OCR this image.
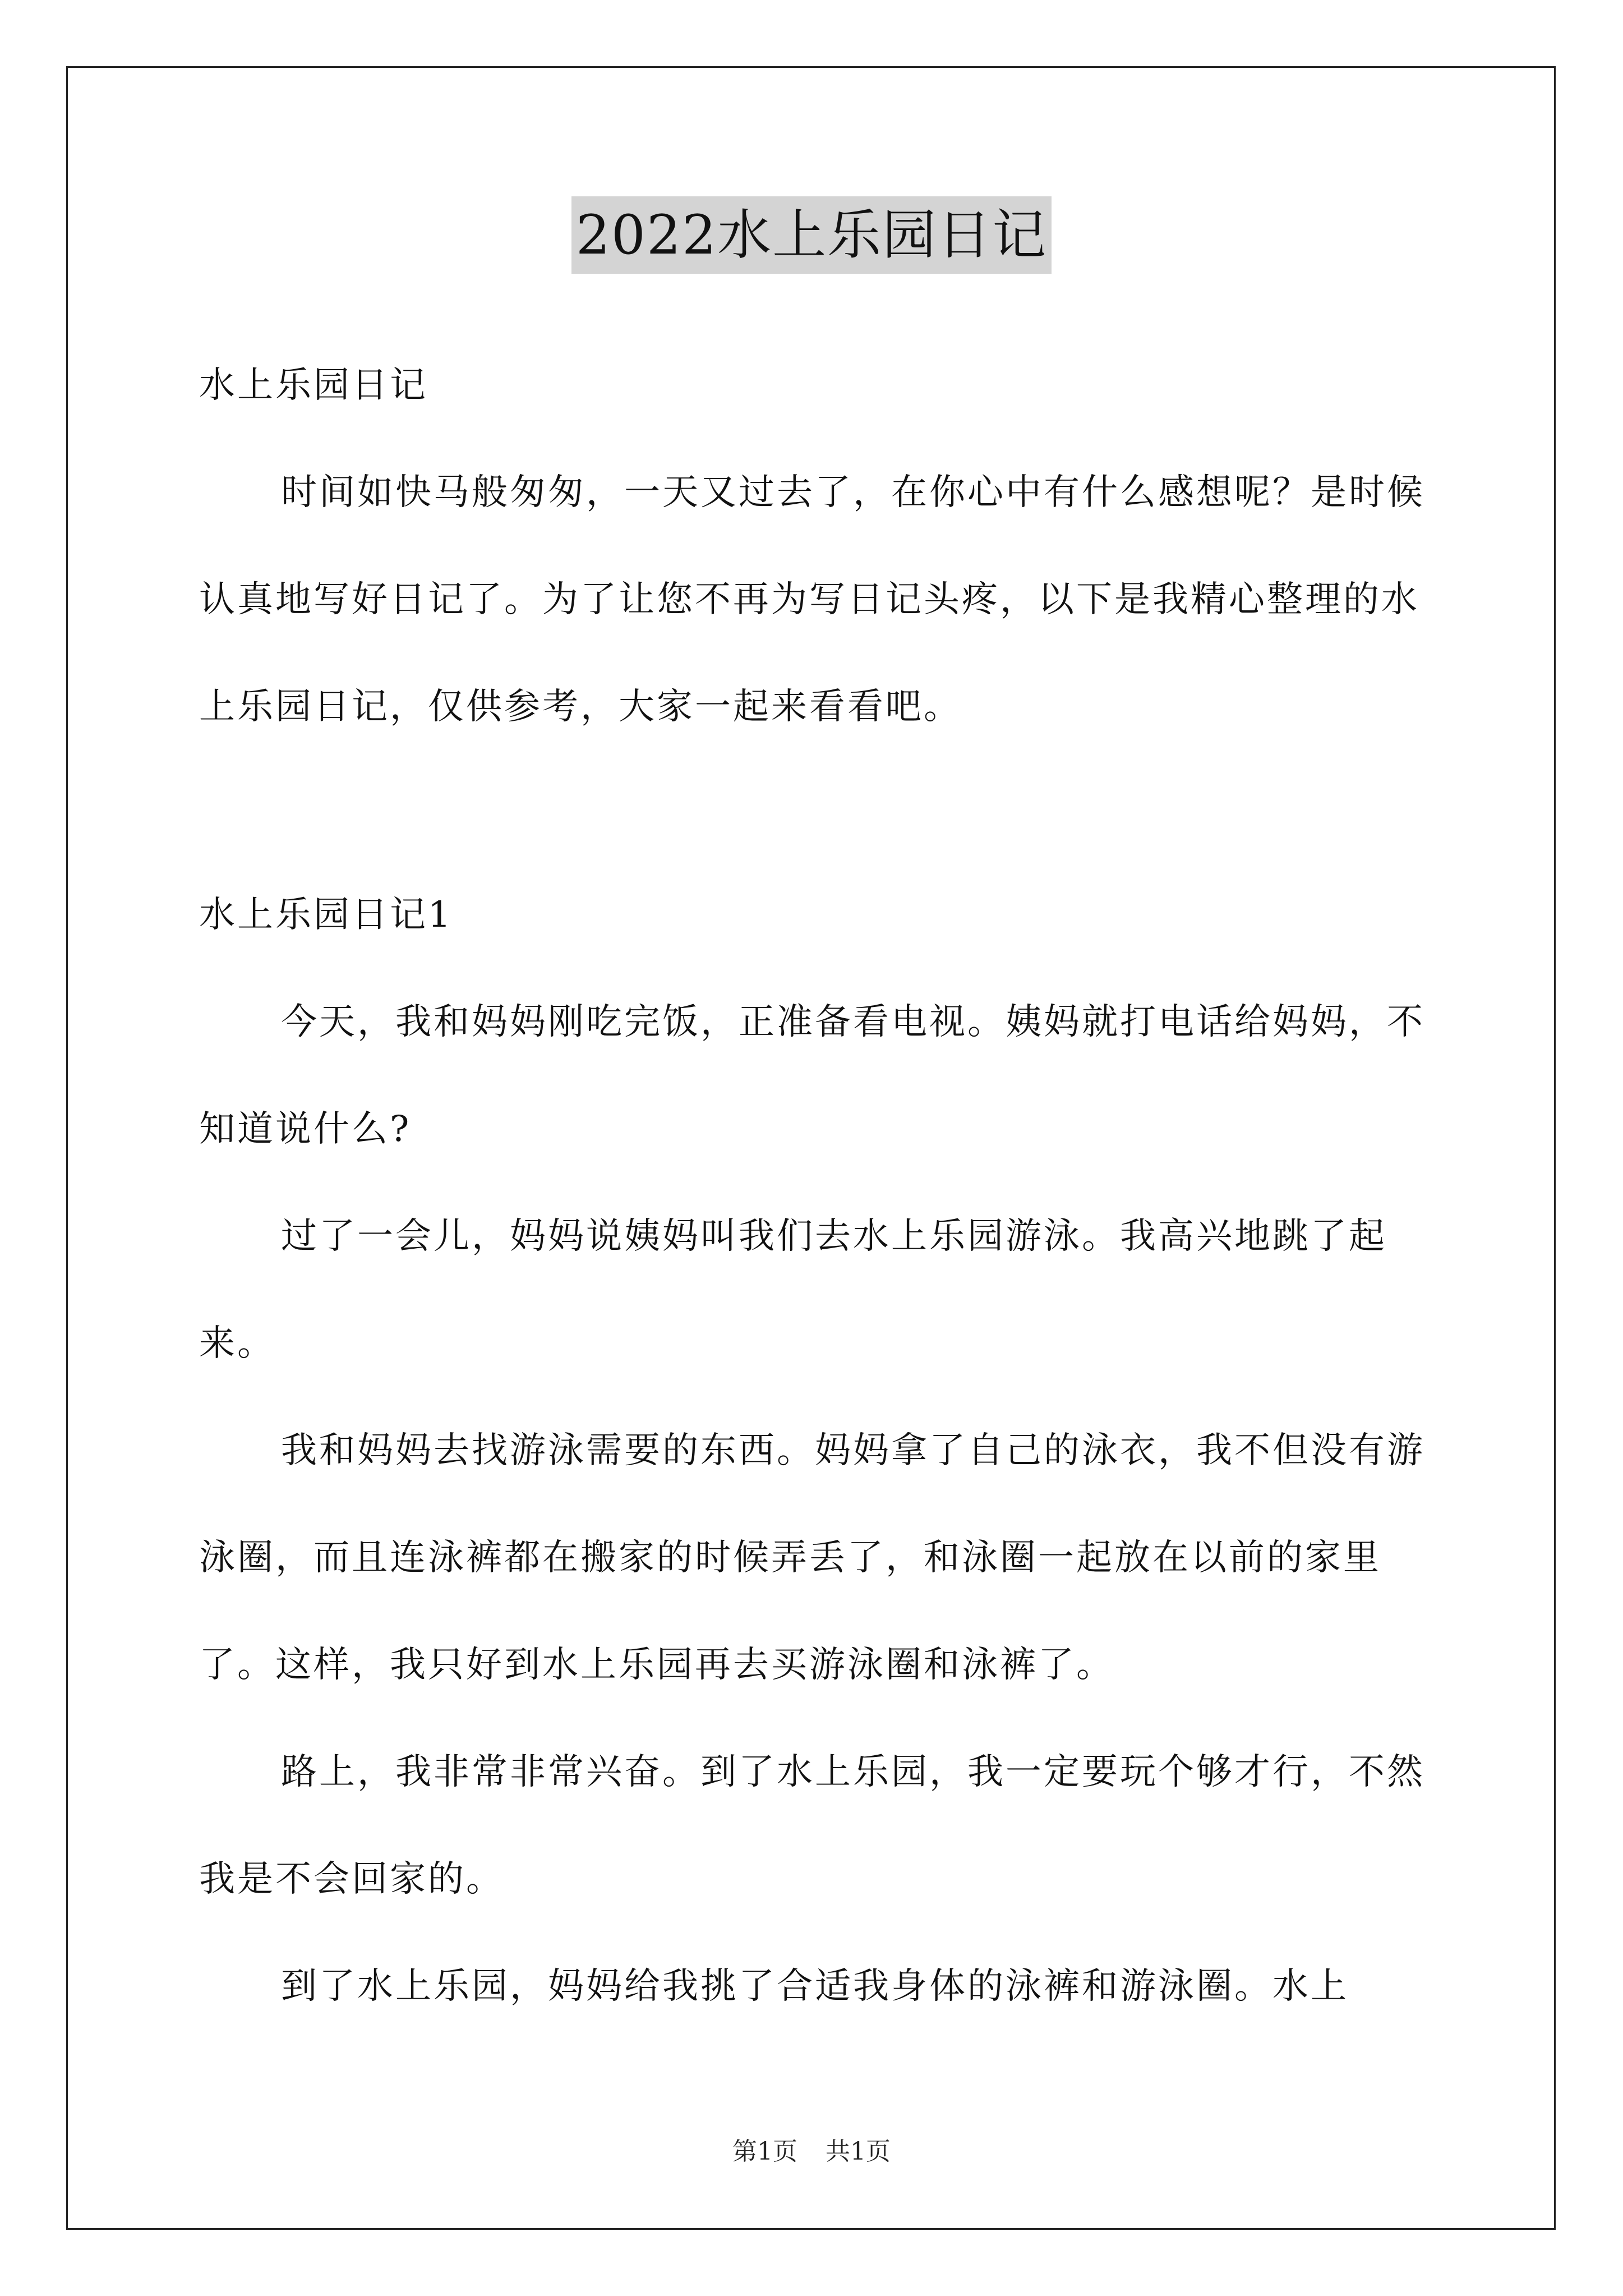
2022水上乐园日记

水上乐园日记

时间如快马般匆匆，一天又过去了，在你心中有什么感想呢？是时候认真地写好日记了。为了让您不再为写日记头疼，以下是我精心整理的水上乐园日记，仅供参考，大家一起来看看吧。

水上乐园日记1

今天，我和妈妈刚吃完饭，正准备看电视。姨妈就打电话给妈妈，不知道说什么?

过了一会儿，妈妈说姨妈叫我们去水上乐园游泳。我高兴地跳了起来。

我和妈妈去找游泳需要的东西。妈妈拿了自己的泳衣，我不但没有游泳圈，而且连泳裤都在搬家的时候弄丢了，和泳圈一起放在以前的家里了。这样，我只好到水上乐园再去买游泳圈和泳裤了。

路上，我非常非常兴奋。到了水上乐园，我一定要玩个够才行，不然我是不会回家的。

到了水上乐园，妈妈给我挑了合适我身体的泳裤和游泳圈。水上

第1页 共1页
